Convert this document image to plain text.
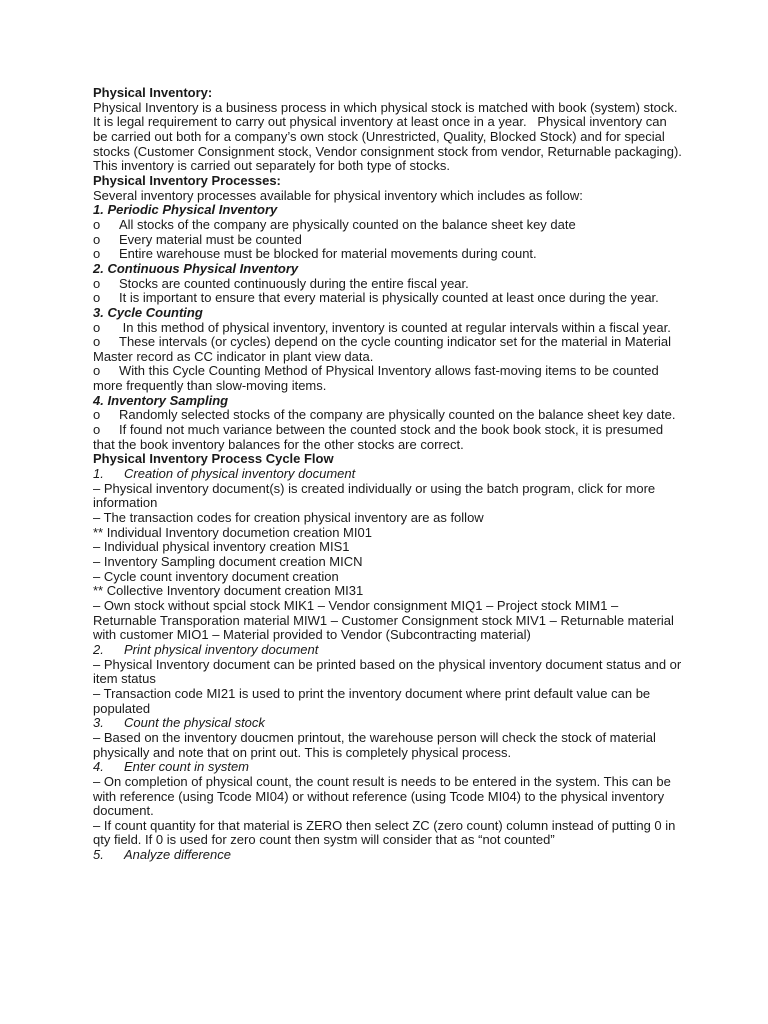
Physical Inventory:
Physical Inventory is a business process in which physical stock is matched with book (system) stock. It is legal requirement to carry out physical inventory at least once in a year.   Physical inventory can be carried out both for a company’s own stock (Unrestricted, Quality, Blocked Stock) and for special stocks (Customer Consignment stock, Vendor consignment stock from vendor, Returnable packaging). This inventory is carried out separately for both type of stocks.
Physical Inventory Processes:
Several inventory processes available for physical inventory which includes as follow:
1. Periodic Physical Inventory
o All stocks of the company are physically counted on the balance sheet key date
o Every material must be counted
o Entire warehouse must be blocked for material movements during count.
2. Continuous Physical Inventory
o Stocks are counted continuously during the entire fiscal year.
o It is important to ensure that every material is physically counted at least once during the year.
3. Cycle Counting
o In this method of physical inventory, inventory is counted at regular intervals within a fiscal year.
o These intervals (or cycles) depend on the cycle counting indicator set for the material in Material Master record as CC indicator in plant view data.
o With this Cycle Counting Method of Physical Inventory allows fast-moving items to be counted more frequently than slow-moving items.
4. Inventory Sampling
o Randomly selected stocks of the company are physically counted on the balance sheet key date.
o If found not much variance between the counted stock and the book book stock, it is presumed that the book inventory balances for the other stocks are correct.
Physical Inventory Process Cycle Flow
1. Creation of physical inventory document
– Physical inventory document(s) is created individually or using the batch program, click for more information
– The transaction codes for creation physical inventory are as follow
** Individual Inventory documetion creation MI01
– Individual physical inventory creation MIS1
– Inventory Sampling document creation MICN
– Cycle count inventory document creation
** Collective Inventory document creation MI31
– Own stock without spcial stock MIK1 – Vendor consignment MIQ1 – Project stock MIM1 – Returnable Transporation material MIW1 – Customer Consignment stock MIV1 – Returnable material with customer MIO1 – Material provided to Vendor (Subcontracting material)
2. Print physical inventory document
– Physical Inventory document can be printed based on the physical inventory document status and or item status
– Transaction code MI21 is used to print the inventory document where print default value can be populated
3. Count the physical stock
– Based on the inventory doucmen printout, the warehouse person will check the stock of material physically and note that on print out. This is completely physical process.
4. Enter count in system
– On completion of physical count, the count result is needs to be entered in the system. This can be with reference (using Tcode MI04) or without reference (using Tcode MI04) to the physical inventory document.
– If count quantity for that material is ZERO then select ZC (zero count) column instead of putting 0 in qty field. If 0 is used for zero count then systm will consider that as “not counted”
5. Analyze difference
